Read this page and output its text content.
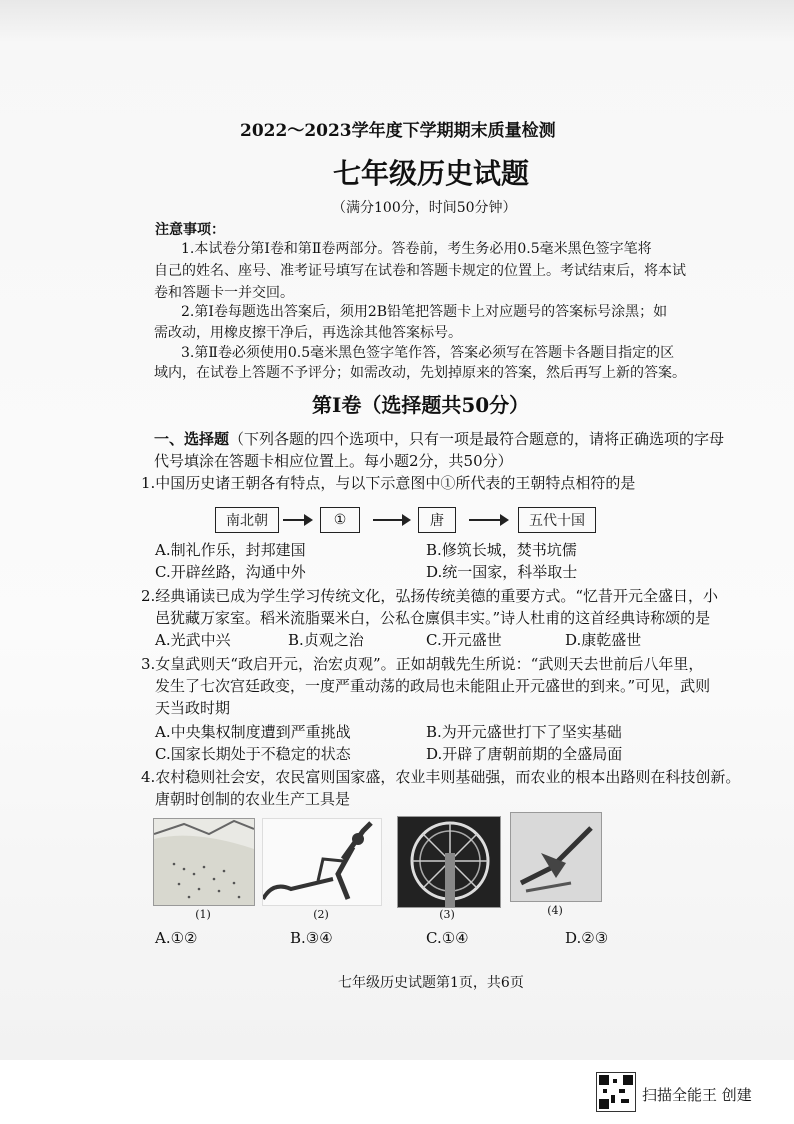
2022～2023学年度下学期期末质量检测
七年级历史试题
（满分100分，时间50分钟）
注意事项：
1.本试卷分第Ⅰ卷和第Ⅱ卷两部分。答卷前，考生务必用0.5毫米黑色签字笔将
自己的姓名、座号、准考证号填写在试卷和答题卡规定的位置上。考试结束后，将本试
卷和答题卡一并交回。
2.第Ⅰ卷每题选出答案后，须用2B铅笔把答题卡上对应题号的答案标号涂黑；如
需改动，用橡皮擦干净后，再选涂其他答案标号。
3.第Ⅱ卷必须使用0.5毫米黑色签字笔作答，答案必须写在答题卡各题目指定的区
域内，在试卷上答题不予评分；如需改动，先划掉原来的答案，然后再写上新的答案。
第Ⅰ卷（选择题共50分）
一、选择题（下列各题的四个选项中，只有一项是最符合题意的，请将正确选项的字母
代号填涂在答题卡相应位置上。每小题2分，共50分）
1.中国历史诸王朝各有特点，与以下示意图中①所代表的王朝特点相符的是
南北朝	①	唐	五代十国
A.制礼作乐，封邦建国	B.修筑长城，焚书坑儒
C.开辟丝路，沟通中外	D.统一国家，科举取士
2.经典诵读已成为学生学习传统文化，弘扬传统美德的重要方式。“忆昔开元全盛日，小
邑犹藏万家室。稻米流脂粟米白，公私仓廪俱丰实。”诗人杜甫的这首经典诗称颂的是
A.光武中兴	B.贞观之治	C.开元盛世	D.康乾盛世
3.女皇武则天“政启开元，治宏贞观”。正如胡戟先生所说：“武则天去世前后八年里，
发生了七次宫廷政变，一度严重动荡的政局也未能阻止开元盛世的到来。”可见，武则
天当政时期
A.中央集权制度遭到严重挑战	B.为开元盛世打下了坚实基础
C.国家长期处于不稳定的状态	D.开辟了唐朝前期的全盛局面
4.农村稳则社会安，农民富则国家盛，农业丰则基础强，而农业的根本出路则在科技创新。
唐朝时创制的农业生产工具是
(1)	(2)	(3)	(4)
A.①②	B.③④	C.①④	D.②③
七年级历史试题第1页，共6页
扫描全能王 创建
